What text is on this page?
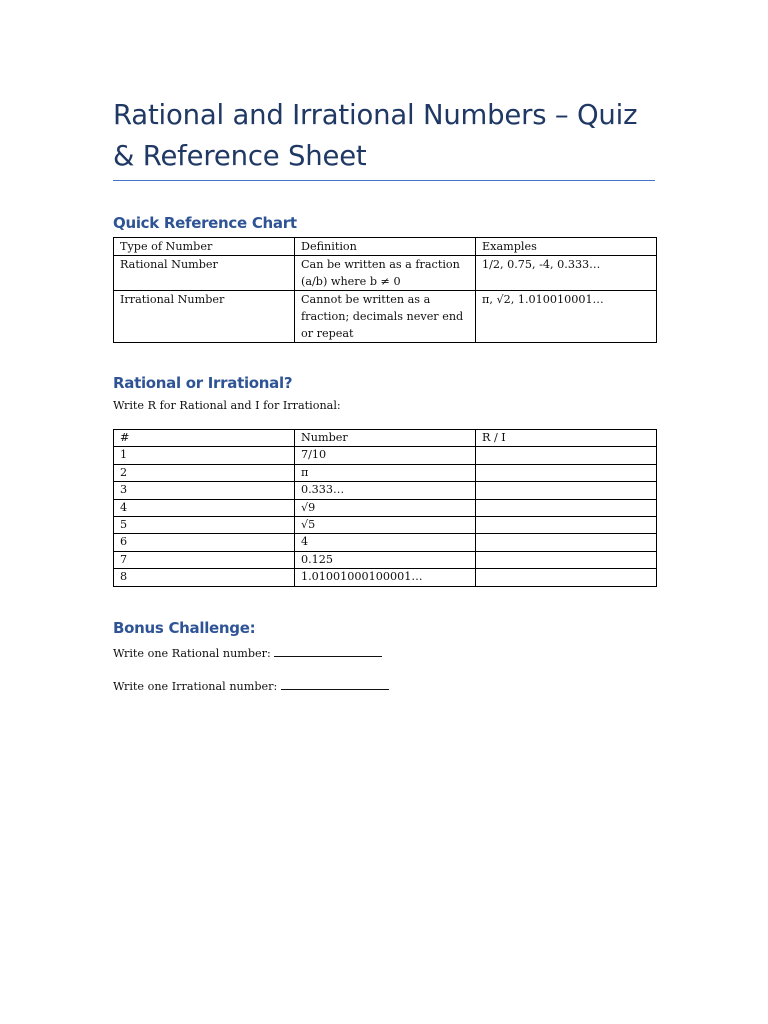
Rational and Irrational Numbers – Quiz & Reference Sheet
Quick Reference Chart
Type of Number	Definition	Examples
Rational Number	Can be written as a fraction (a/b) where b ≠ 0	1/2, 0.75, -4, 0.333…
Irrational Number	Cannot be written as a fraction; decimals never end or repeat	π, √2, 1.010010001…
Rational or Irrational?

Write R for Rational and I for Irrational:

#	Number	R / I
1	7/10	
2	π	
3	0.333…	
4	√9	
5	√5	
6	4	
7	0.125	
8	1.01001000100001…	
Bonus Challenge:

Write one Rational number:

Write one Irrational number:
